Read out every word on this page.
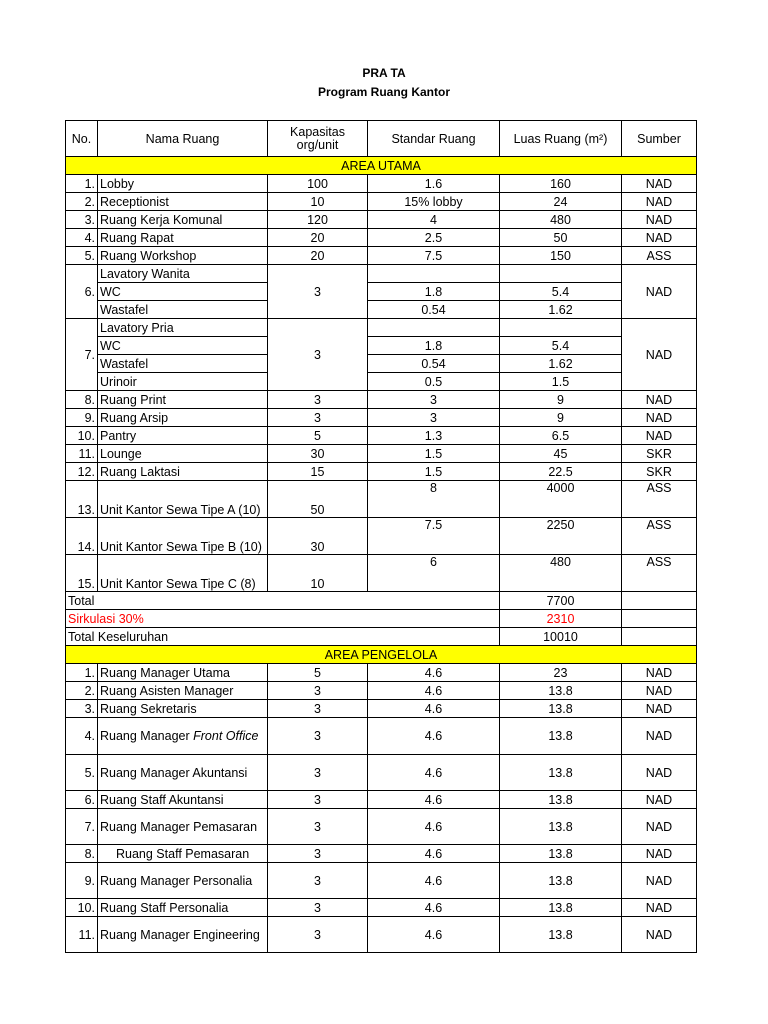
PRA TA
Program Ruang Kantor
No.	Nama Ruang	Kapasitas org/unit	Standar Ruang	Luas Ruang (m²)	Sumber
AREA UTAMA					
1.	Lobby	100	1.6	160	NAD
2.	Receptionist	10	15% lobby	24	NAD
3.	Ruang Kerja Komunal	120	4	480	NAD
4.	Ruang Rapat	20	2.5	50	NAD
5.	Ruang Workshop	20	7.5	150	ASS
6.	Lavatory Wanita	3			NAD
	WC		1.8	5.4	
	Wastafel		0.54	1.62	
7.	Lavatory Pria	3			NAD
	WC		1.8	5.4	
	Wastafel		0.54	1.62	
	Urinoir		0.5	1.5	
8.	Ruang Print	3	3	9	NAD
9.	Ruang Arsip	3	3	9	NAD
10.	Pantry	5	1.3	6.5	NAD
11.	Lounge	30	1.5	45	SKR
12.	Ruang Laktasi	15	1.5	22.5	SKR
13.	Unit Kantor Sewa Tipe A (10)	50	8	4000	ASS
14.	Unit Kantor Sewa Tipe B (10)	30	7.5	2250	ASS
15.	Unit Kantor Sewa Tipe C (8)	10	6	480	ASS
Total				7700	
Sirkulasi 30%				2310	
Total Keseluruhan				10010	
AREA PENGELOLA					
1.	Ruang Manager Utama	5	4.6	23	NAD
2.	Ruang Asisten Manager	3	4.6	13.8	NAD
3.	Ruang Sekretaris	3	4.6	13.8	NAD
4.	Ruang Manager Front Office	3	4.6	13.8	NAD
5.	Ruang Manager Akuntansi	3	4.6	13.8	NAD
6.	Ruang Staff Akuntansi	3	4.6	13.8	NAD
7.	Ruang Manager Pemasaran	3	4.6	13.8	NAD
8.	Ruang Staff Pemasaran	3	4.6	13.8	NAD
9.	Ruang Manager Personalia	3	4.6	13.8	NAD
10.	Ruang Staff Personalia	3	4.6	13.8	NAD
11.	Ruang Manager Engineering	3	4.6	13.8	NAD
